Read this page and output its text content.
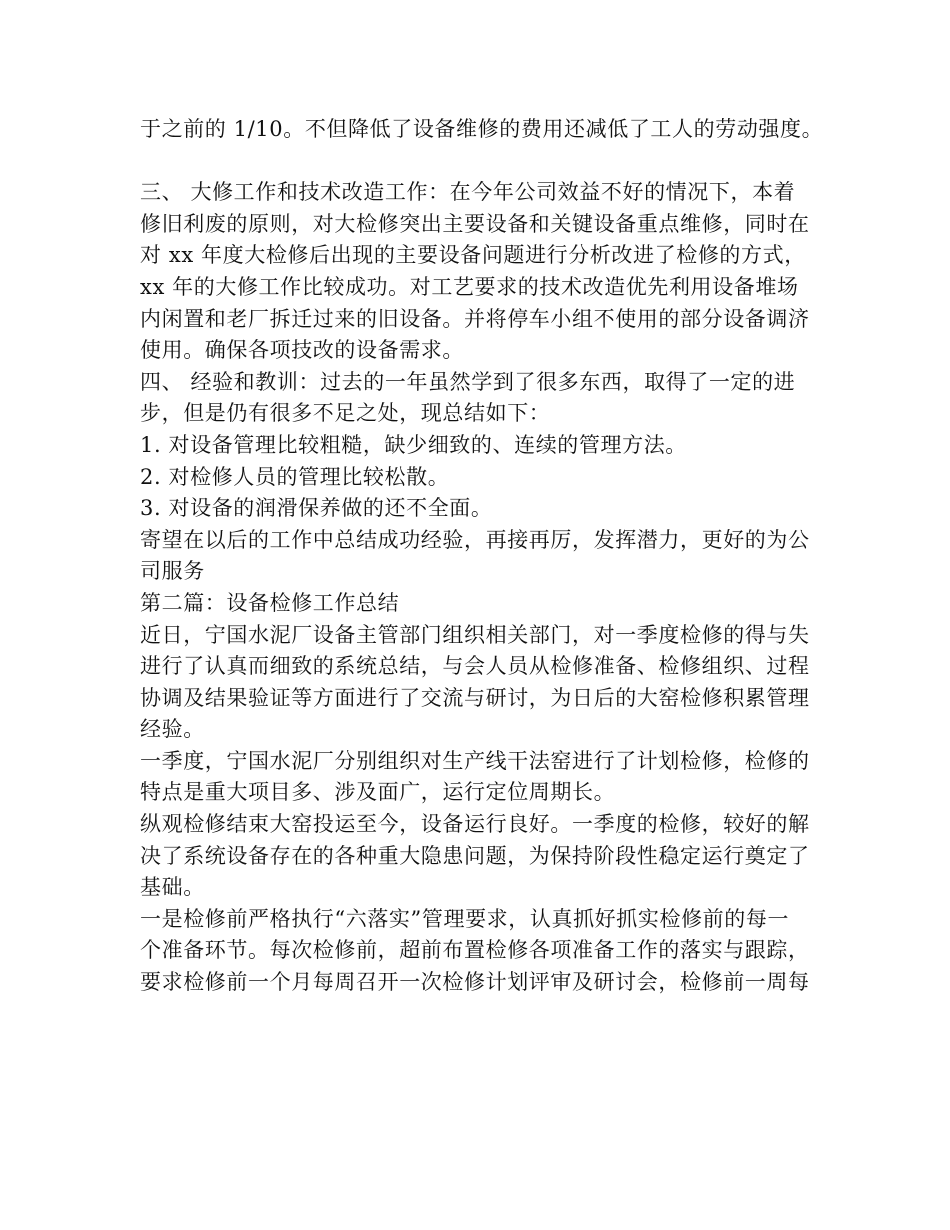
于之前的 1/10。不但降低了设备维修的费用还减低了工人的劳动强度。
三、 大修工作和技术改造工作：在今年公司效益不好的情况下，本着
修旧利废的原则，对大检修突出主要设备和关键设备重点维修，同时在
对 xx 年度大检修后出现的主要设备问题进行分析改进了检修的方式，
xx 年的大修工作比较成功。对工艺要求的技术改造优先利用设备堆场
内闲置和老厂拆迁过来的旧设备。并将停车小组不使用的部分设备调济
使用。确保各项技改的设备需求。
四、 经验和教训：过去的一年虽然学到了很多东西，取得了一定的进
步，但是仍有很多不足之处，现总结如下：
1. 对设备管理比较粗糙，缺少细致的、连续的管理方法。
2. 对检修人员的管理比较松散。
3. 对设备的润滑保养做的还不全面。
寄望在以后的工作中总结成功经验，再接再厉，发挥潜力，更好的为公
司服务
第二篇：设备检修工作总结
近日，宁国水泥厂设备主管部门组织相关部门，对一季度检修的得与失
进行了认真而细致的系统总结，与会人员从检修准备、检修组织、过程
协调及结果验证等方面进行了交流与研讨，为日后的大窑检修积累管理
经验。
一季度，宁国水泥厂分别组织对生产线干法窑进行了计划检修，检修的
特点是重大项目多、涉及面广，运行定位周期长。
纵观检修结束大窑投运至今，设备运行良好。一季度的检修，较好的解
决了系统设备存在的各种重大隐患问题，为保持阶段性稳定运行奠定了
基础。
一是检修前严格执行“六落实”管理要求，认真抓好抓实检修前的每一
个准备环节。每次检修前，超前布置检修各项准备工作的落实与跟踪，
要求检修前一个月每周召开一次检修计划评审及研讨会，检修前一周每
